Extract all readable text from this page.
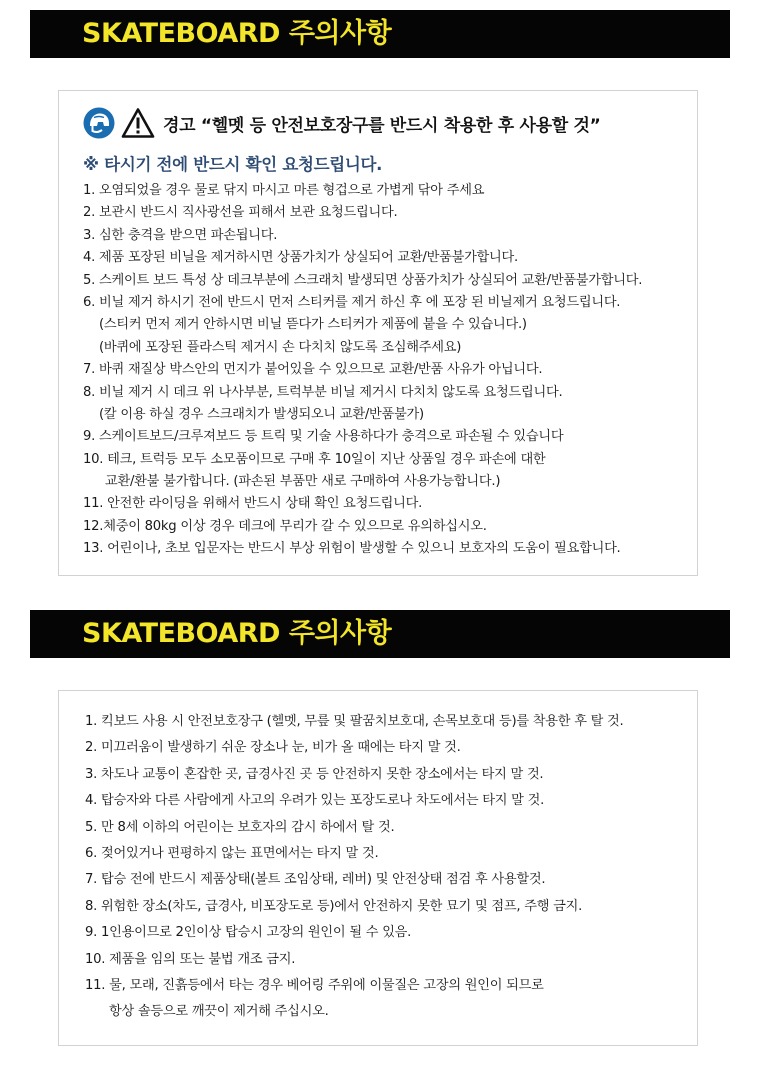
SKATEBOARD 주의사항
경고 “헬멧 등 안전보호장구를 반드시 착용한 후 사용할 것”
※ 타시기 전에 반드시 확인 요청드립니다.
1. 오염되었을 경우 물로 닦지 마시고 마른 형겁으로 가볍게 닦아 주세요
2. 보관시 반드시 직사광선을 피해서 보관 요청드립니다.
3. 심한 충격을 받으면 파손됩니다.
4. 제품 포장된 비닐을 제거하시면 상품가치가 상실되어 교환/반품불가합니다.
5. 스케이트 보드 특성 상 데크부분에 스크래치 발생되면 상품가치가 상실되어 교환/반품불가합니다.
6. 비닐 제거 하시기 전에 반드시 먼저 스티커를 제거 하신 후 에 포장 된 비닐제거 요청드립니다.
(스티커 먼저 제거 안하시면 비닐 뜯다가 스티커가 제품에 붙을 수 있습니다.)
(바퀴에 포장된 플라스틱 제거시 손 다치치 않도록 조심해주세요)
7. 바퀴 재질상 박스안의 먼지가 붙어있을 수 있으므로 교환/반품 사유가 아닙니다.
8. 비닐 제거 시 데크 위 나사부분, 트럭부분 비닐 제거시 다치치 않도록 요청드립니다.
(칼 이용 하실 경우 스크래치가 발생되오니 교환/반품불가)
9. 스케이트보드/크루져보드 등 트릭 및 기술 사용하다가 충격으로 파손될 수 있습니다
10. 테크, 트럭등 모두 소모품이므로 구매 후 10일이 지난 상품일 경우 파손에 대한
교환/환불 불가합니다. (파손된 부품만 새로 구매하여 사용가능합니다.)
11. 안전한 라이딩을 위해서 반드시 상태 확인 요청드립니다.
12.체중이 80kg 이상 경우 데크에 무리가 갈 수 있으므로 유의하십시오.
13. 어린이나, 초보 입문자는 반드시 부상 위험이 발생할 수 있으니 보호자의 도움이 필요합니다.
SKATEBOARD 주의사항
1. 킥보드 사용 시 안전보호장구 (헬멧, 무릎 및 팔꿈치보호대, 손목보호대 등)를 착용한 후 탈 것.
2. 미끄러움이 발생하기 쉬운 장소나 눈, 비가 올 때에는 타지 말 것.
3. 차도나 교통이 혼잡한 곳, 급경사진 곳 등 안전하지 못한 장소에서는 타지 말 것.
4. 탑승자와 다른 사람에게 사고의 우려가 있는 포장도로나 차도에서는 타지 말 것.
5. 만 8세 이하의 어린이는 보호자의 감시 하에서 탈 것.
6. 젖어있거나 편평하지 않는 표면에서는 타지 말 것.
7. 탑승 전에 반드시 제품상태(볼트 조임상태, 레버) 및 안전상태 점검 후 사용할것.
8. 위험한 장소(차도, 급경사, 비포장도로 등)에서 안전하지 못한 묘기 및 점프, 주행 금지.
9. 1인용이므로 2인이상 탑승시 고장의 원인이 될 수 있음.
10. 제품을 임의 또는 불법 개조 금지.
11. 물, 모래, 진흙등에서 타는 경우 베어링 주위에 이물질은 고장의 원인이 되므로
항상 솔등으로 깨끗이 제거해 주십시오.
